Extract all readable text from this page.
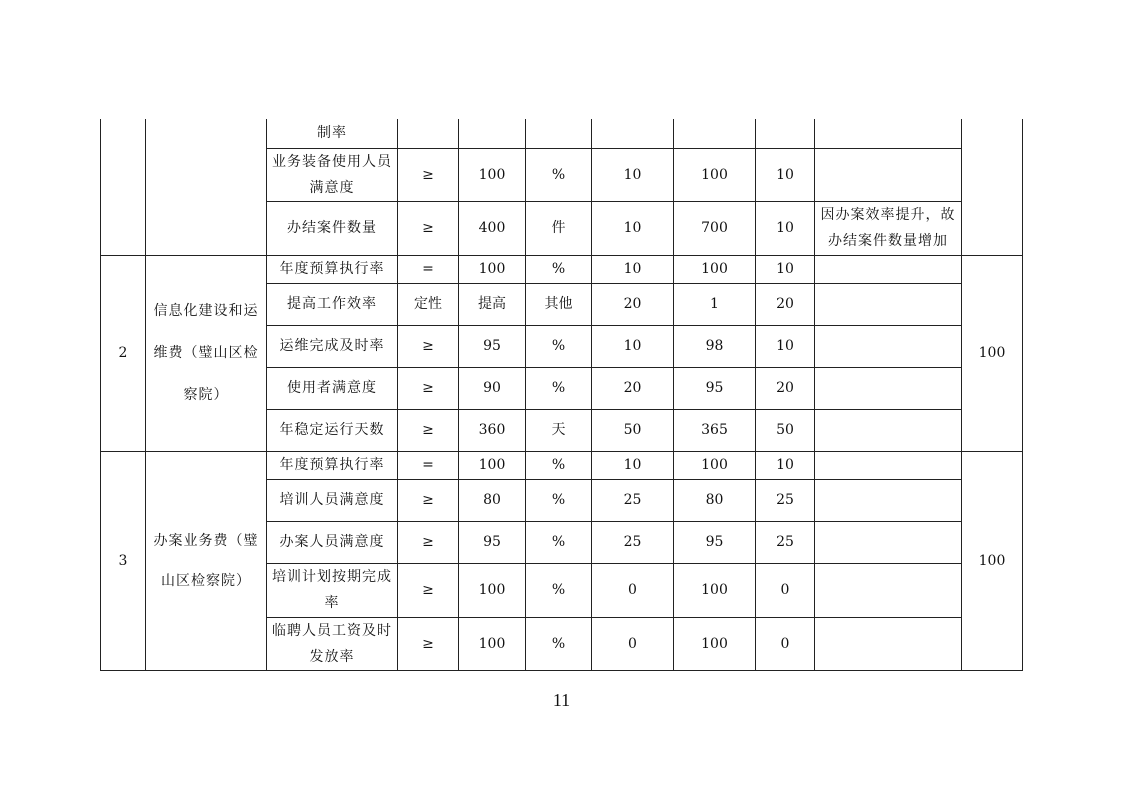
		制率								
		业务装备使用人员满意度	≥	100	%	10	100	10		
		办结案件数量	≥	400	件	10	700	10	因办案效率提升，故办结案件数量增加	
2	信息化建设和运维费（璧山区检察院）	年度预算执行率	=	100	%	10	100	10		100
		提高工作效率	定性	提高	其他	20	1	20		
		运维完成及时率	≥	95	%	10	98	10		
		使用者满意度	≥	90	%	20	95	20		
		年稳定运行天数	≥	360	天	50	365	50		
3	办案业务费（璧山区检察院）	年度预算执行率	=	100	%	10	100	10		100
		培训人员满意度	≥	80	%	25	80	25		
		办案人员满意度	≥	95	%	25	95	25		
		培训计划按期完成率	≥	100	%	0	100	0		
		临聘人员工资及时发放率	≥	100	%	0	100	0		
11
